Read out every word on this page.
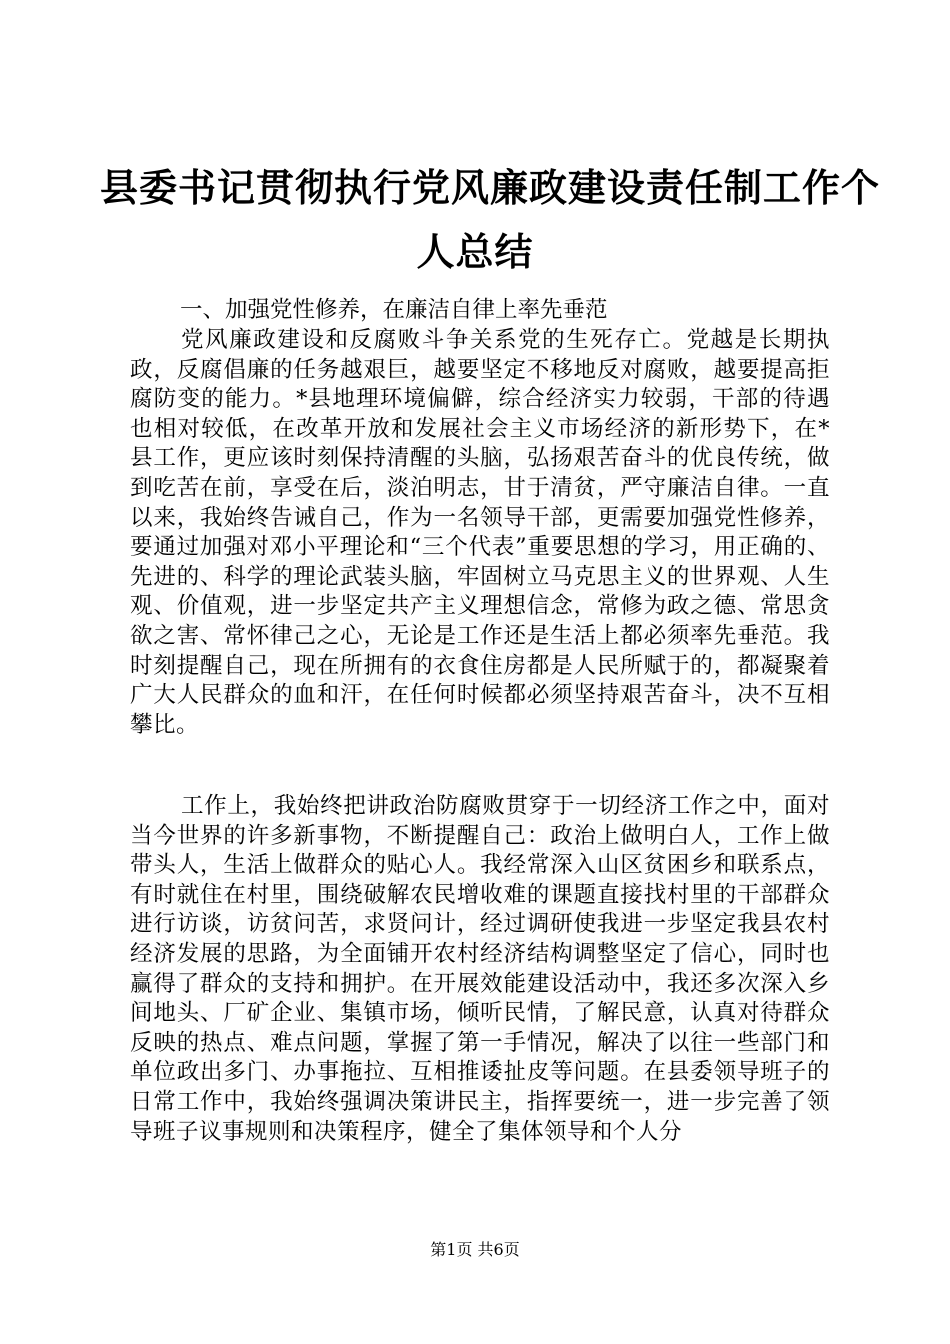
县委书记贯彻执行党风廉政建设责任制工作个
人总结
一、加强党性修养，在廉洁自律上率先垂范

党风廉政建设和反腐败斗争关系党的生死存亡。党越是长期执政，反腐倡廉的任务越艰巨，越要坚定不移地反对腐败，越要提高拒腐防变的能力。*县地理环境偏僻，综合经济实力较弱，干部的待遇也相对较低，在改革开放和发展社会主义市场经济的新形势下，在*县工作，更应该时刻保持清醒的头脑，弘扬艰苦奋斗的优良传统，做到吃苦在前，享受在后，淡泊明志，甘于清贫，严守廉洁自律。一直以来，我始终告诫自己，作为一名领导干部，更需要加强党性修养，要通过加强对邓小平理论和“三个代表”重要思想的学习，用正确的、先进的、科学的理论武装头脑，牢固树立马克思主义的世界观、人生观、价值观，进一步坚定共产主义理想信念，常修为政之德、常思贪欲之害、常怀律己之心，无论是工作还是生活上都必须率先垂范。我时刻提醒自己，现在所拥有的衣食住房都是人民所赋于的，都凝聚着广大人民群众的血和汗，在任何时候都必须坚持艰苦奋斗，决不互相攀比。

工作上，我始终把讲政治防腐败贯穿于一切经济工作之中，面对当今世界的许多新事物，不断提醒自己：政治上做明白人，工作上做带头人，生活上做群众的贴心人。我经常深入山区贫困乡和联系点，有时就住在村里，围绕破解农民增收难的课题直接找村里的干部群众进行访谈，访贫问苦，求贤问计，经过调研使我进一步坚定我县农村经济发展的思路，为全面铺开农村经济结构调整坚定了信心，同时也赢得了群众的支持和拥护。在开展效能建设活动中，我还多次深入乡间地头、厂矿企业、集镇市场，倾听民情，了解民意，认真对待群众反映的热点、难点问题，掌握了第一手情况，解决了以往一些部门和单位政出多门、办事拖拉、互相推诿扯皮等问题。在县委领导班子的日常工作中，我始终强调决策讲民主，指挥要统一，进一步完善了领导班子议事规则和决策程序，健全了集体领导和个人分

第1页 共6页
